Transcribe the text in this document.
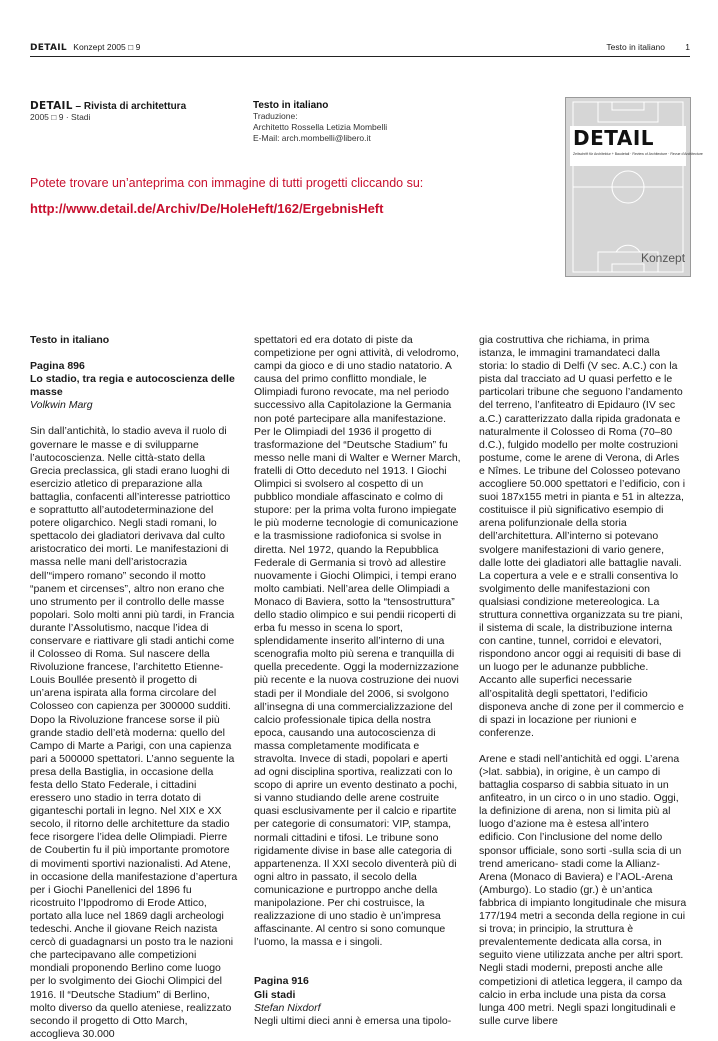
DETAIL Konzept 2005 □ 9	1
Testo in italiano
DETAIL – Rivista di architettura
2005 □ 9 · Stadi
Testo in italiano
Traduzione:
Architetto Rossella Letizia Mombelli
E-Mail: arch.mombelli@libero.it
Potete trovare un’anteprima con immagine di tutti progetti cliccando su:
http://www.detail.de/Archiv/De/HoleHeft/162/ErgebnisHeft
DETAIL
Zeitschrift für Architektur + Baudetail · Review of Architecture · Revue d’Architecture
Konzept

Testo in italiano

Pagina 896

Lo stadio, tra regia e autocoscienza delle masse

Volkwin Marg

Sin dall’antichità, lo stadio aveva il ruolo di governare le masse e di svilupparne l’autocoscienza. Nelle città-stato della Grecia preclassica, gli stadi erano luoghi di esercizio atletico di preparazione alla battaglia, confacenti all’interesse patriottico e soprattutto all’autodeterminazione del potere oligarchico. Negli stadi romani, lo spettacolo dei gladiatori derivava dal culto aristocratico dei morti. Le manifestazioni di massa nelle mani dell’aristocrazia dell’“impero romano” secondo il motto “panem et circenses”, altro non erano che uno strumento per il controllo delle masse popolari. Solo molti anni più tardi, in Francia durante l’Assolutismo, nacque l’idea di conservare e riattivare gli stadi antichi come il Colosseo di Roma. Sul nascere della Rivoluzione francese, l’architetto Etienne-Louis Boullée presentò il progetto di un’arena ispirata alla forma circolare del Colosseo con capienza per 300000 sudditi. Dopo la Rivoluzione francese sorse il più grande stadio dell’età moderna: quello del Campo di Marte a Parigi, con una capienza pari a 500000 spettatori. L’anno seguente la presa della Bastiglia, in occasione della festa dello Stato Federale, i cittadini eressero uno stadio in terra dotato di giganteschi portali in legno. Nel XIX e XX secolo, il ritorno delle architetture da stadio fece risorgere l’idea delle Olimpiadi. Pierre de Coubertin fu il più importante promotore di movimenti sportivi nazionalisti. Ad Atene, in occasione della manifestazione d’apertura per i Giochi Panellenici del 1896 fu ricostruito l’Ippodromo di Erode Attico, portato alla luce nel 1869 dagli archeologi tedeschi. Anche il giovane Reich nazista cercò di guadagnarsi un posto tra le nazioni che partecipavano alle competizioni mondiali proponendo Berlino come luogo per lo svolgimento dei Giochi Olimpici del 1916. Il “Deutsche Stadium” di Berlino, molto diverso da quello ateniese, realizzato secondo il progetto di Otto March, accoglieva 30.000

spettatori ed era dotato di piste da competizione per ogni attività, di velodromo, campi da gioco e di uno stadio natatorio. A causa del primo conflitto mondiale, le Olimpiadi furono revocate, ma nel periodo successivo alla Capitolazione la Germania non poté partecipare alla manifestazione. Per le Olimpiadi del 1936 il progetto di trasformazione del “Deutsche Stadium” fu messo nelle mani di Walter e Werner March, fratelli di Otto deceduto nel 1913. I Giochi Olimpici si svolsero al cospetto di un pubblico mondiale affascinato e colmo di stupore: per la prima volta furono impiegate le più moderne tecnologie di comunicazione e la trasmissione radiofonica si svolse in diretta. Nel 1972, quando la Repubblica Federale di Germania si trovò ad allestire nuovamente i Giochi Olimpici, i tempi erano molto cambiati. Nell’area delle Olimpiadi a Monaco di Baviera, sotto la “tensostruttura” dello stadio olimpico e sui pendii ricoperti di erba fu messo in scena lo sport, splendidamente inserito all’interno di una scenografia molto più serena e tranquilla di quella precedente. Oggi la modernizzazione più recente e la nuova costruzione dei nuovi stadi per il Mondiale del 2006, si svolgono all’insegna di una commercializzazione del calcio professionale tipica della nostra epoca, causando una autocoscienza di massa completamente modificata e stravolta. Invece di stadi, popolari e aperti ad ogni disciplina sportiva, realizzati con lo scopo di aprire un evento destinato a pochi, si vanno studiando delle arene costruite quasi esclusivamente per il calcio e ripartite per categorie di consumatori: VIP, stampa, normali cittadini e tifosi. Le tribune sono rigidamente divise in base alle categoria di appartenenza. Il XXI secolo diventerà più di ogni altro in passato, il secolo della comunicazione e purtroppo anche della manipolazione. Per chi costruisce, la realizzazione di uno stadio è un’impresa affascinante. Al centro si sono comunque l’uomo, la massa e i singoli.

Pagina 916

Gli stadi

Stefan Nixdorf

Negli ultimi dieci anni è emersa una tipolo-

gia costruttiva che richiama, in prima istanza, le immagini tramandateci dalla storia: lo stadio di Delfi (V sec. A.C.) con la pista dal tracciato ad U quasi perfetto e le particolari tribune che seguono l’andamento del terreno, l’anfiteatro di Epidauro (IV sec a.C.) caratterizzato dalla ripida gradonata e naturalmente il Colosseo di Roma (70–80 d.C.), fulgido modello per molte costruzioni postume, come le arene di Verona, di Arles e Nîmes. Le tribune del Colosseo potevano accogliere 50.000 spettatori e l’edificio, con i suoi 187x155 metri in pianta e 51 in altezza, costituisce il più significativo esempio di arena polifunzionale della storia dell’architettura. All’interno si potevano svolgere manifestazioni di vario genere, dalle lotte dei gladiatori alle battaglie navali. La copertura a vele e e stralli consentiva lo svolgimento delle manifestazioni con qualsiasi condizione metereologica. La struttura connettiva organizzata su tre piani, il sistema di scale, la distribuzione interna con cantine, tunnel, corridoi e elevatori, rispondono ancor oggi ai requisiti di base di un luogo per le adunanze pubbliche. Accanto alle superfici necessarie all’ospitalità degli spettatori, l’edificio disponeva anche di zone per il commercio e di spazi in locazione per riunioni e conferenze.

Arene e stadi nell’antichità ed oggi. L’arena (>lat. sabbia), in origine, è un campo di battaglia cosparso di sabbia situato in un anfiteatro, in un circo o in uno stadio. Oggi, la definizione di arena, non si limita più al luogo d’azione ma è estesa all’intero edificio. Con l’inclusione del nome dello sponsor ufficiale, sono sorti -sulla scia di un trend americano- stadi come la Allianz-Arena (Monaco di Baviera) e l’AOL-Arena (Amburgo). Lo stadio (gr.) è un’antica fabbrica di impianto longitudinale che misura 177/194 metri a seconda della regione in cui si trova; in principio, la struttura è prevalentemente dedicata alla corsa, in seguito viene utilizzata anche per altri sport. Negli stadi moderni, preposti anche alle competizioni di atletica leggera, il campo da calcio in erba include una pista da corsa lunga 400 metri. Negli spazi longitudinali e sulle curve libere
